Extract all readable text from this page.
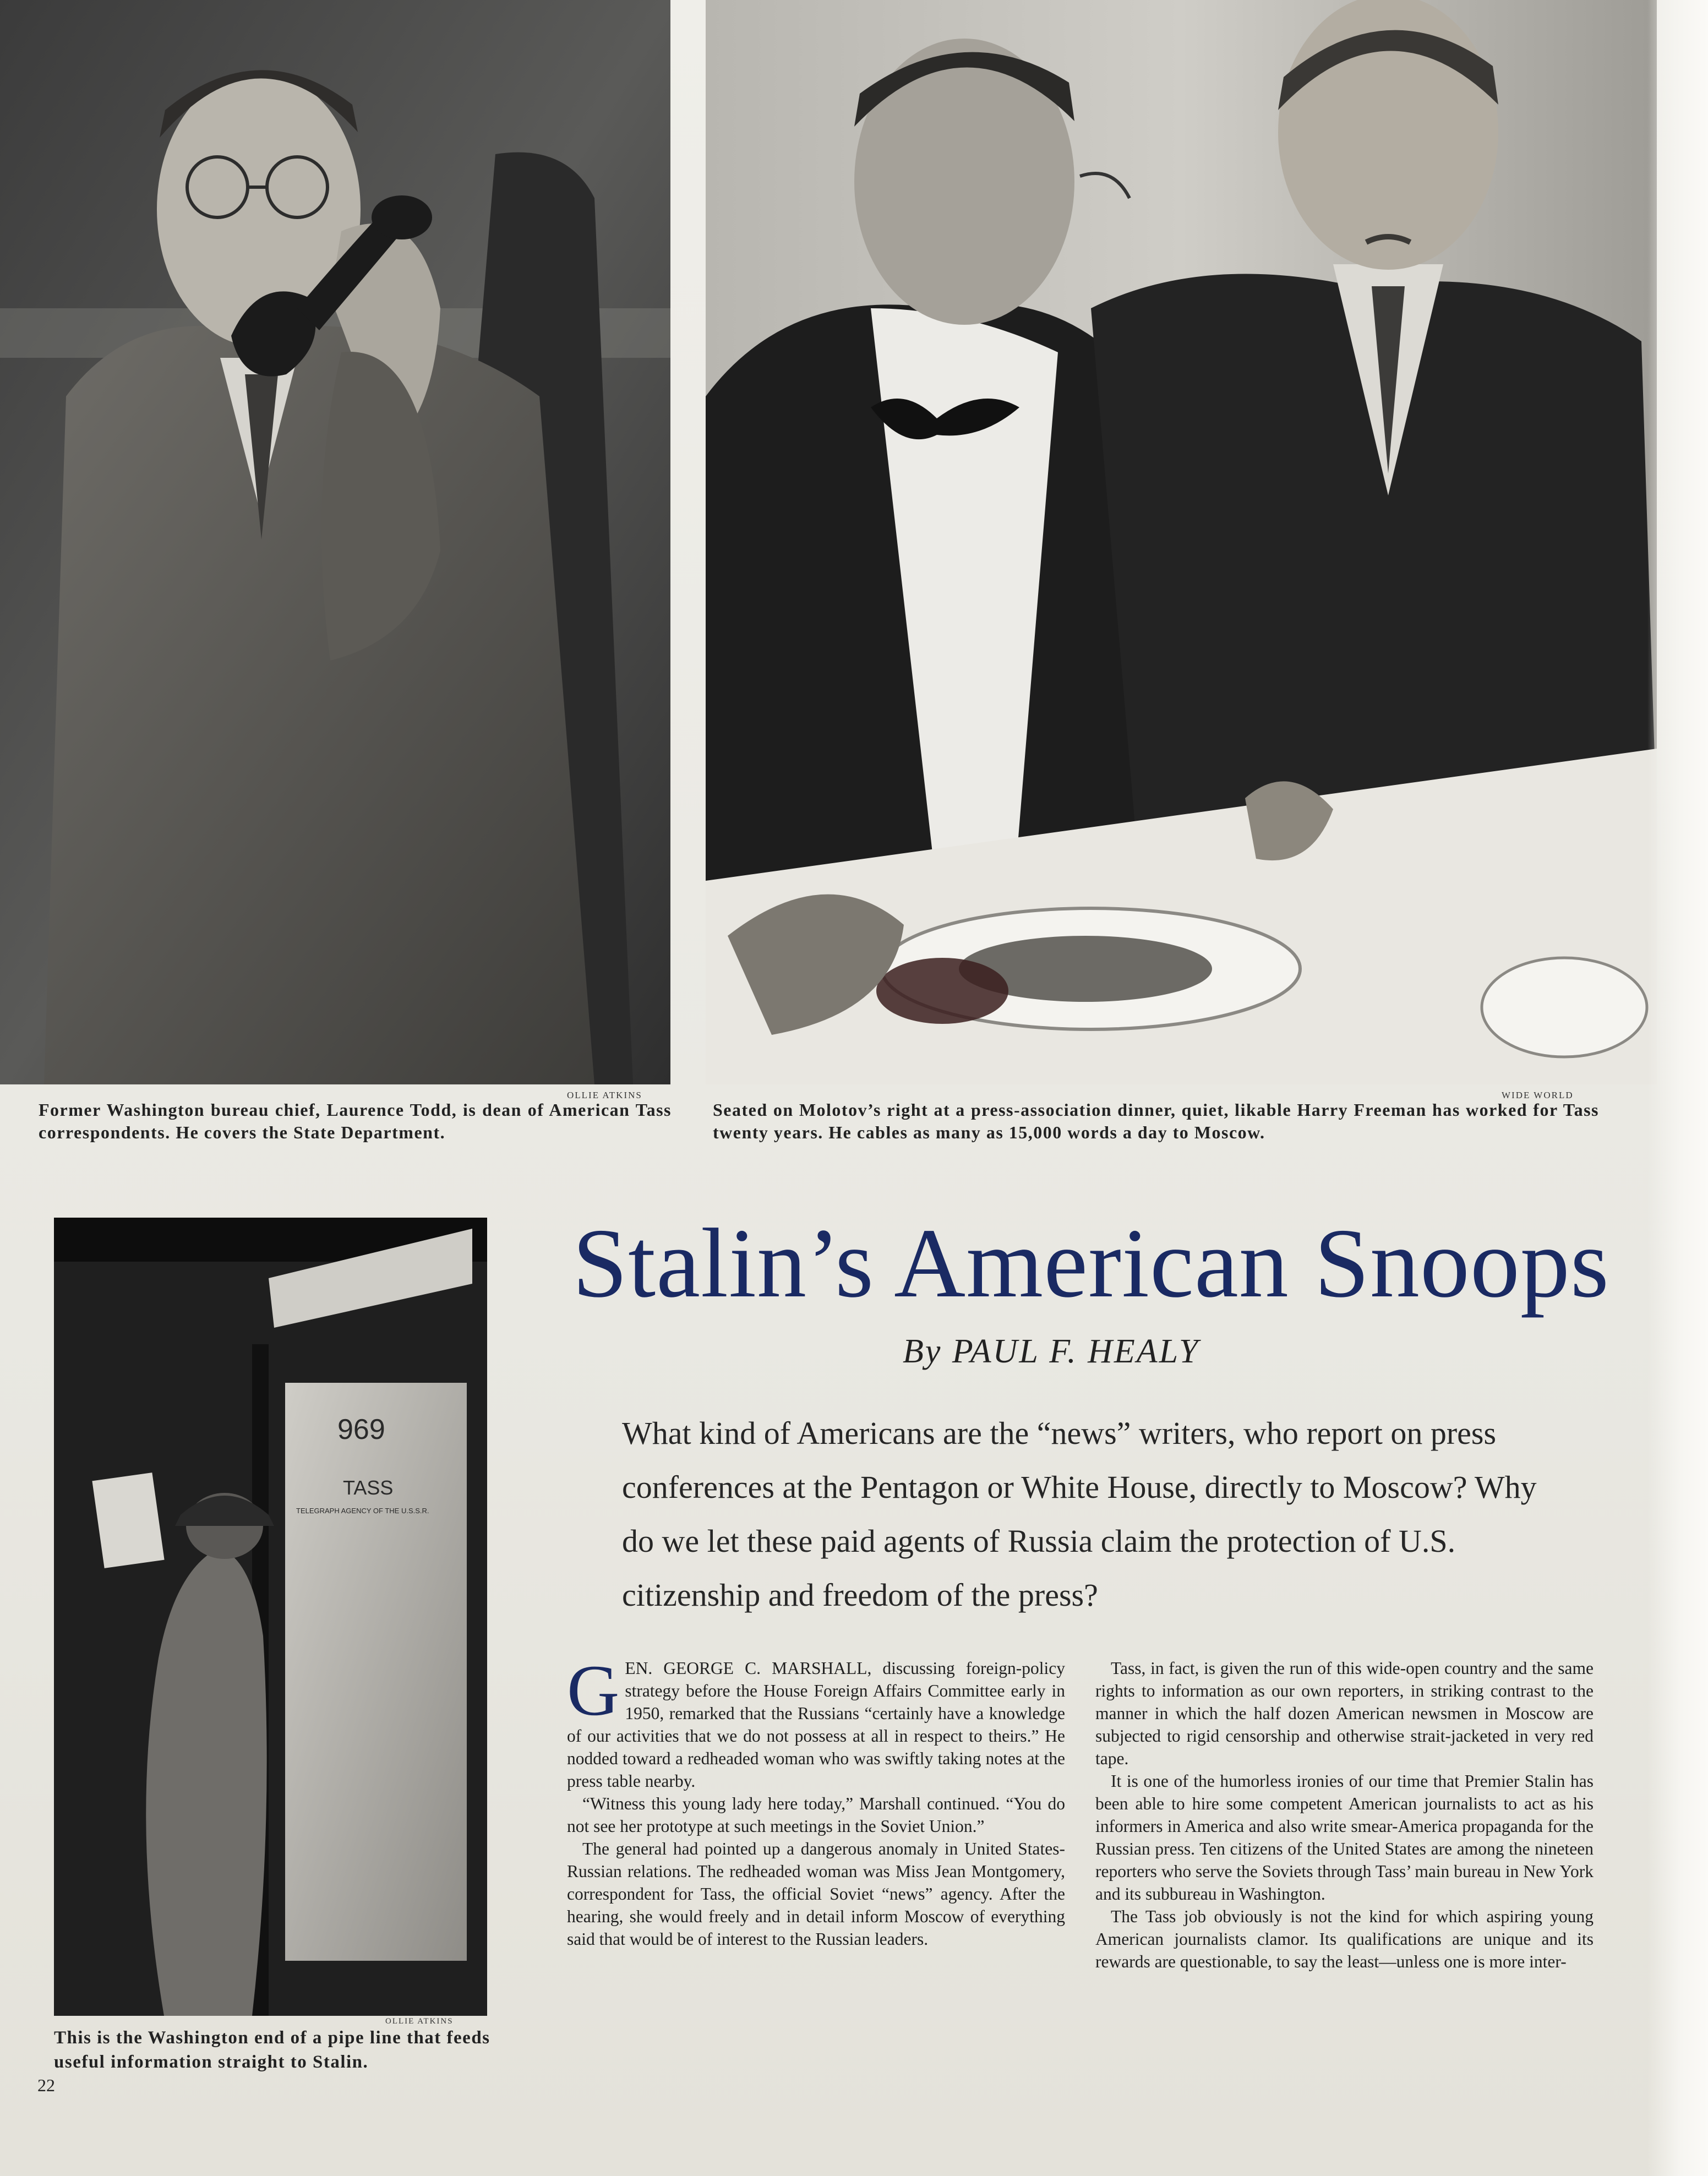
OLLIE ATKINS
Former Washington bureau chief, Laurence Todd, is dean of American Tass correspondents. He covers the State Department.
WIDE WORLD
Seated on Molotov’s right at a press-association dinner, quiet, likable Harry Freeman has worked for Tass twenty years. He cables as many as 15,000 words a day to Moscow.
969
TASS
TELEGRAPH AGENCY OF THE U.S.S.R.
OLLIE ATKINS
This is the Washington end of a pipe line that feeds useful information straight to Stalin.
Stalin’s American Snoops
By PAUL F. HEALY
What kind of Americans are the “news” writers, who report on press conferences at the Pentagon or White House, directly to Moscow? Why do we let these paid agents of Russia claim the protection of U.S. citizenship and freedom of the press?

GEN. GEORGE C. MARSHALL, discussing foreign-policy strategy before the House Foreign Affairs Committee early in 1950, remarked that the Russians “certainly have a knowledge of our activities that we do not possess at all in respect to theirs.” He nodded toward a redheaded woman who was swiftly taking notes at the press table nearby.

“Witness this young lady here today,” Marshall continued. “You do not see her prototype at such meetings in the Soviet Union.”

The general had pointed up a dangerous anomaly in United States-Russian relations. The redheaded woman was Miss Jean Montgomery, correspondent for Tass, the official Soviet “news” agency. After the hearing, she would freely and in detail inform Moscow of everything said that would be of interest to the Russian leaders.

Tass, in fact, is given the run of this wide-open country and the same rights to information as our own reporters, in striking contrast to the manner in which the half dozen American newsmen in Moscow are subjected to rigid censorship and otherwise strait-jacketed in very red tape.

It is one of the humorless ironies of our time that Premier Stalin has been able to hire some competent American journalists to act as his informers in America and also write smear-America propaganda for the Russian press. Ten citizens of the United States are among the nineteen reporters who serve the Soviets through Tass’ main bureau in New York and its subbureau in Washington.

The Tass job obviously is not the kind for which aspiring young American journalists clamor. Its qualifications are unique and its rewards are questionable, to say the least—unless one is more inter-

22
